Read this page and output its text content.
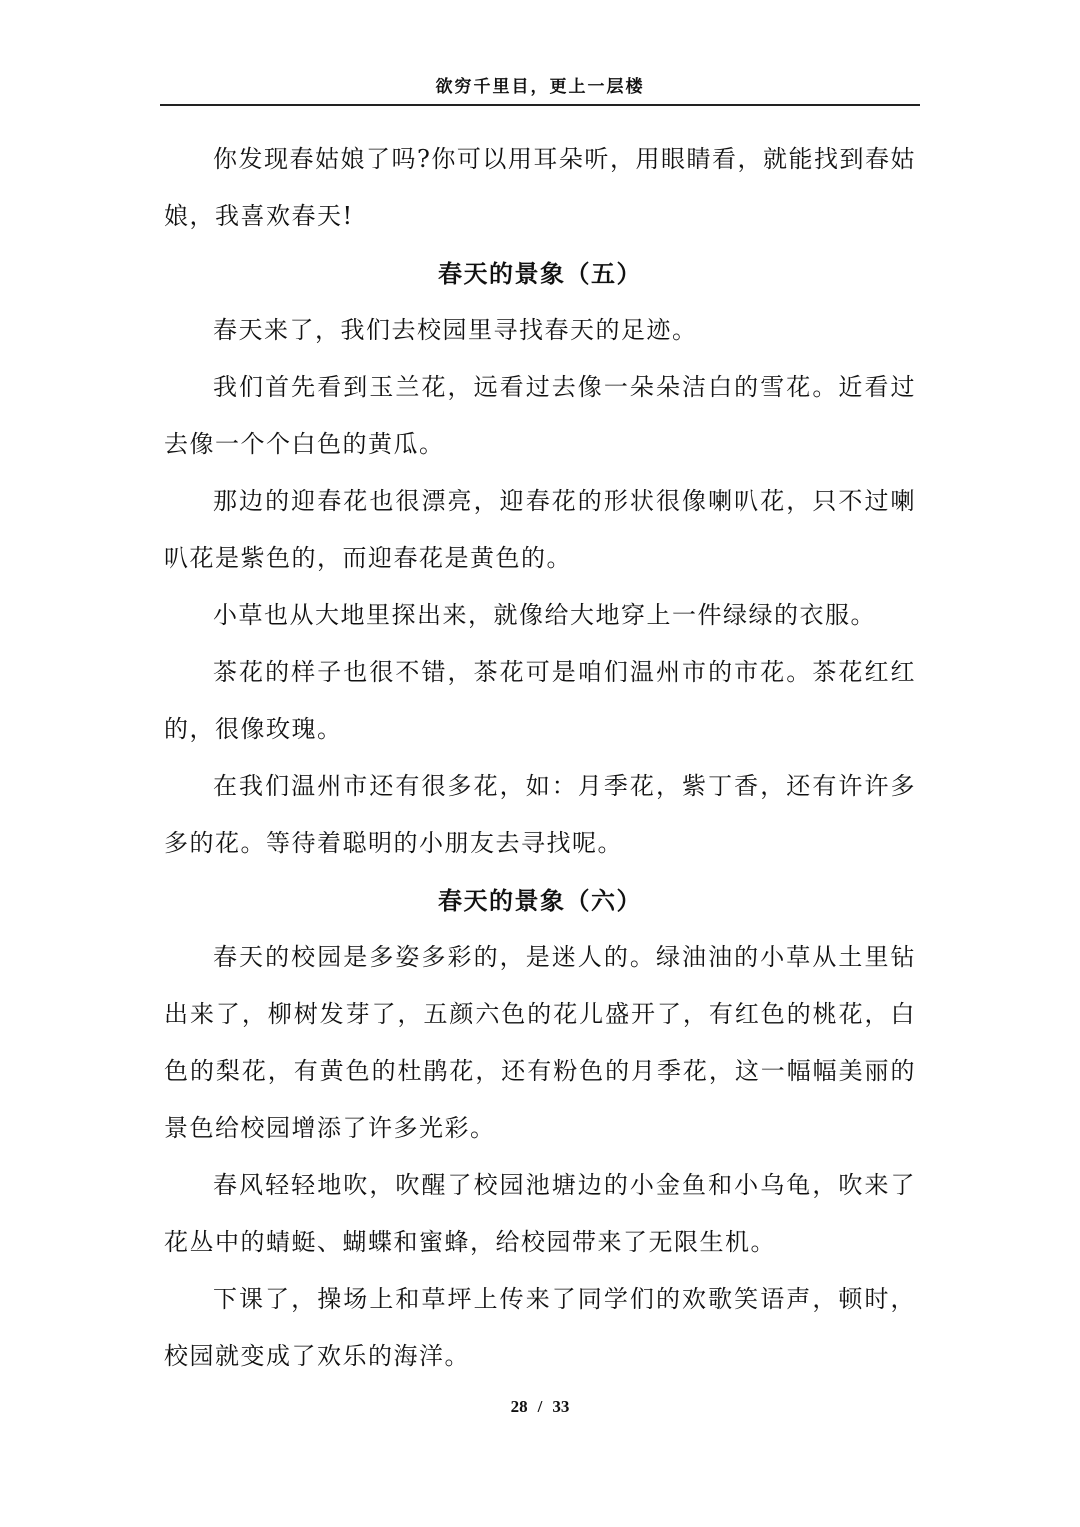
欲穷千里目，更上一层楼

你发现春姑娘了吗?你可以用耳朵听，用眼睛看，就能找到春姑娘，我喜欢春天!

春天的景象（五）

春天来了，我们去校园里寻找春天的足迹。

我们首先看到玉兰花，远看过去像一朵朵洁白的雪花。近看过去像一个个白色的黄瓜。

那边的迎春花也很漂亮，迎春花的形状很像喇叭花，只不过喇叭花是紫色的，而迎春花是黄色的。

小草也从大地里探出来，就像给大地穿上一件绿绿的衣服。

茶花的样子也很不错，茶花可是咱们温州市的市花。茶花红红的，很像玫瑰。

在我们温州市还有很多花，如：月季花，紫丁香，还有许许多多的花。等待着聪明的小朋友去寻找呢。

春天的景象（六）

春天的校园是多姿多彩的，是迷人的。绿油油的小草从土里钻出来了，柳树发芽了，五颜六色的花儿盛开了，有红色的桃花，白色的梨花，有黄色的杜鹃花，还有粉色的月季花，这一幅幅美丽的景色给校园增添了许多光彩。

春风轻轻地吹，吹醒了校园池塘边的小金鱼和小乌龟，吹来了花丛中的蜻蜓、蝴蝶和蜜蜂，给校园带来了无限生机。

下课了，操场上和草坪上传来了同学们的欢歌笑语声，顿时，校园就变成了欢乐的海洋。

28 / 33
